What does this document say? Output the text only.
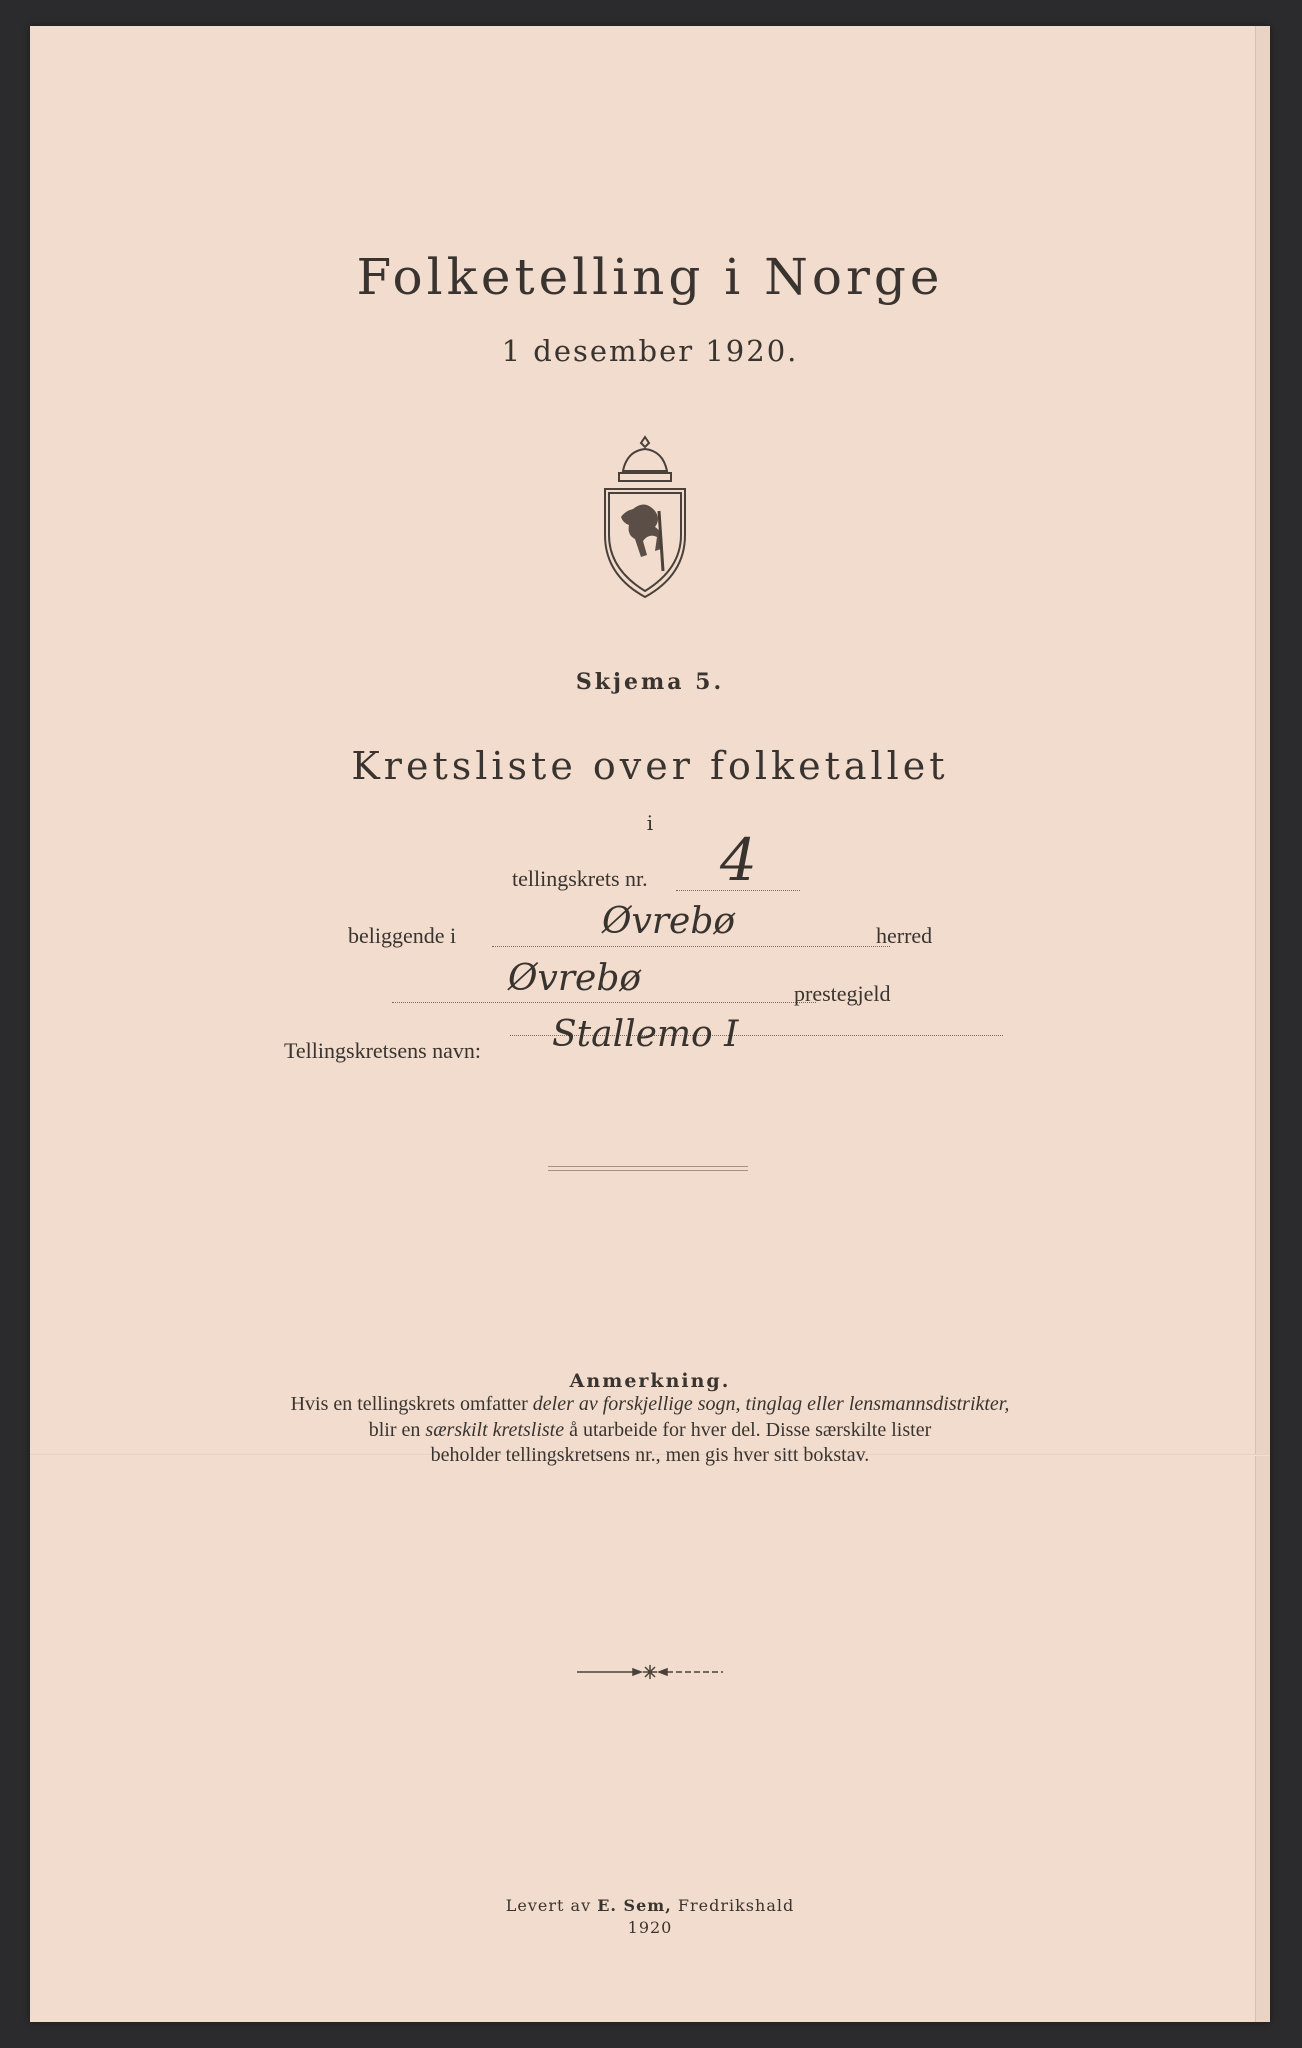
Folketelling i Norge
1 desember 1920.
Skjema 5.
Kretsliste over folketallet
i
tellingskrets nr. 4
beliggende i	Øvrebø	herred
Øvrebø	prestegjeld
Tellingskretsens navn: Stallemo I
Anmerkning.
Hvis en tellingskrets omfatter deler av forskjellige sogn, tinglag eller lensmannsdistrikter,
blir en særskilt kretsliste å utarbeide for hver del. Disse særskilte lister
beholder tellingskretsens nr., men gis hver sitt bokstav.
Levert av E. Sem, Fredrikshald
1920
